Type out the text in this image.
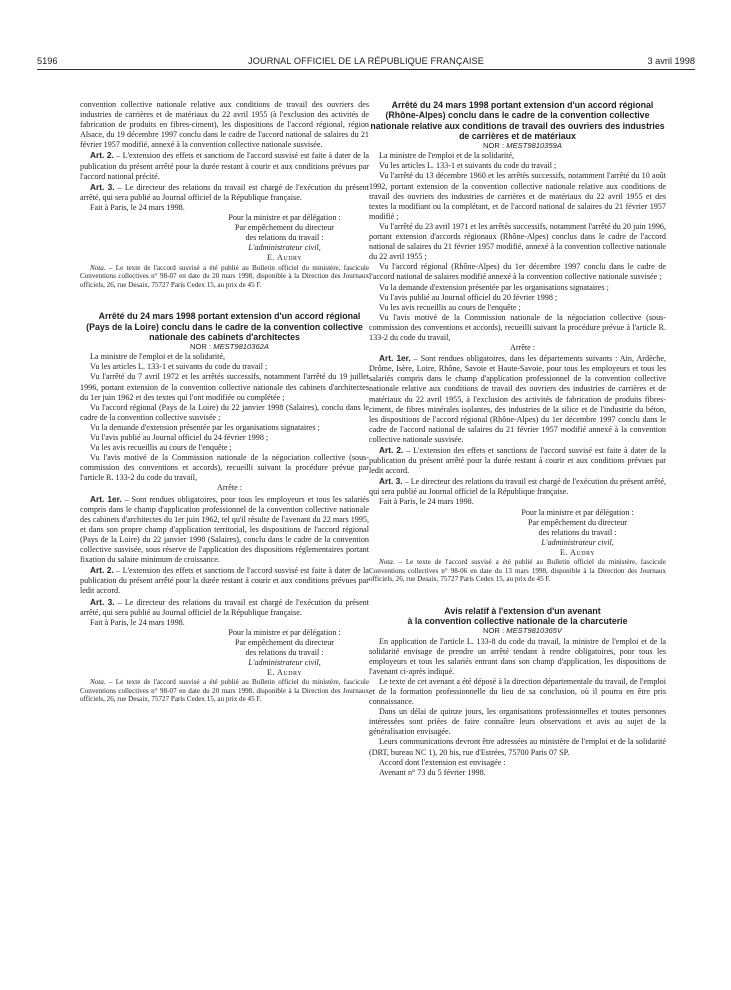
5196	JOURNAL OFFICIEL DE LA RÉPUBLIQUE FRANÇAISE	3 avril 1998

convention collective nationale relative aux conditions de travail des ouvriers des industries de carrières et de matériaux du 22 avril 1955 (à l'exclusion des activités de fabrication de produits en fibres-ciment), les dispositions de l'accord régional, région Alsace, du 19 décembre 1997 conclu dans le cadre de l'accord national de salaires du 21 février 1957 modifié, annexé à la convention collective nationale susvisée.

Art. 2. – L'extension des effets et sanctions de l'accord susvisé est faite à dater de la publication du présent arrêté pour la durée restant à courir et aux conditions prévues par l'accord national précité.

Art. 3. – Le directeur des relations du travail est chargé de l'exécution du présent arrêté, qui sera publié au Journal officiel de la République française.

Fait à Paris, le 24 mars 1998.

Pour la ministre et par délégation :
Par empêchement du directeur
des relations du travail :
L'administrateur civil,
E. Audry

Nota. – Le texte de l'accord susvisé a été publié au Bulletin officiel du ministère, fascicule Conventions collectives n° 98-07 en date du 20 mars 1998, disponible à la Direction des Journaux officiels, 26, rue Desaix, 75727 Paris Cedex 15, au prix de 45 F.

Arrêté du 24 mars 1998 portant extension d'un accord régional (Pays de la Loire) conclu dans le cadre de la convention collective nationale des cabinets d'architectes

NOR : MESТ9810362A

La ministre de l'emploi et de la solidarité,

Vu les articles L. 133-1 et suivants du code du travail ;

Vu l'arrêté du 7 avril 1972 et les arrêtés successifs, notamment l'arrêté du 19 juillet 1996, portant extension de la convention collective nationale des cabinets d'architectes du 1er juin 1962 et des textes qui l'ont modifiée ou complétée ;

Vu l'accord régional (Pays de la Loire) du 22 janvier 1998 (Salaires), conclu dans le cadre de la convention collective susvisée ;

Vu la demande d'extension présentée par les organisations signataires ;

Vu l'avis publié au Journal officiel du 24 février 1998 ;

Vu les avis recueillis au cours de l'enquête ;

Vu l'avis motivé de la Commission nationale de la négociation collective (sous-commission des conventions et accords), recueilli suivant la procédure prévue par l'article R. 133-2 du code du travail,

Arrête :

Art. 1er. – Sont rendues obligatoires, pour tous les employeurs et tous les salariés compris dans le champ d'application professionnel de la convention collective nationale des cabinets d'architectes du 1er juin 1962, tel qu'il résulte de l'avenant du 22 mars 1995, et dans son propre champ d'application territorial, les dispositions de l'accord régional (Pays de la Loire) du 22 janvier 1998 (Salaires), conclu dans le cadre de la convention collective susvisée, sous réserve de l'application des dispositions réglementaires portant fixation du salaire minimum de croissance.

Art. 2. – L'extension des effets et sanctions de l'accord susvisé est faite à dater de la publication du présent arrêté pour la durée restant à courir et aux conditions prévues par ledit accord.

Art. 3. – Le directeur des relations du travail est chargé de l'exécution du présent arrêté, qui sera publié au Journal officiel de la République française.

Fait à Paris, le 24 mars 1998.

Pour la ministre et par délégation :
Par empêchement du directeur
des relations du travail :
L'administrateur civil,
E. Audry

Nota. – Le texte de l'accord susvisé a été publié au Bulletin officiel du ministère, fascicule Conventions collectives n° 98-07 en date du 20 mars 1998, disponible à la Direction des Journaux officiels, 26, rue Desaix, 75727 Paris Cedex 15, au prix de 45 F.

Arrêté du 24 mars 1998 portant extension d'un accord régional (Rhône-Alpes) conclu dans le cadre de la convention collective nationale relative aux conditions de travail des ouvriers des industries de carrières et de matériaux

NOR : MESТ9810359A

La ministre de l'emploi et de la solidarité,

Vu les articles L. 133-1 et suivants du code du travail ;

Vu l'arrêté du 13 décembre 1960 et les arrêtés successifs, notamment l'arrêté du 10 août 1992, portant extension de la convention collective nationale relative aux conditions de travail des ouvriers des industries de carrières et de matériaux du 22 avril 1955 et des textes la modifiant ou la complétant, et de l'accord national de salaires du 21 février 1957 modifié ;

Vu l'arrêté du 23 avril 1971 et les arrêtés successifs, notamment l'arrêté du 20 juin 1996, portant extension d'accords régionaux (Rhône-Alpes) conclus dans le cadre de l'accord national de salaires du 21 février 1957 modifié, annexé à la convention collective nationale du 22 avril 1955 ;

Vu l'accord régional (Rhône-Alpes) du 1er décembre 1997 conclu dans le cadre de l'accord national de salaires modifié annexé à la convention collective nationale susvisée ;

Vu la demande d'extension présentée par les organisations signataires ;

Vu l'avis publié au Journal officiel du 20 février 1998 ;

Vu les avis recueillis au cours de l'enquête ;

Vu l'avis motivé de la Commission nationale de la négociation collective (sous-commission des conventions et accords), recueilli suivant la procédure prévue à l'article R. 133-2 du code du travail,

Arrête :

Art. 1er. – Sont rendues obligatoires, dans les départements suivants : Ain, Ardèche, Drôme, Isère, Loire, Rhône, Savoie et Haute-Savoie, pour tous les employeurs et tous les salariés compris dans le champ d'application professionnel de la convention collective nationale relative aux conditions de travail des ouvriers des industries de carrières et de matériaux du 22 avril 1955, à l'exclusion des activités de fabrication de produits fibres-ciment, de fibres minérales isolantes, des industries de la silice et de l'industrie du béton, les dispositions de l'accord régional (Rhône-Alpes) du 1er décembre 1997 conclu dans le cadre de l'accord national de salaires du 21 février 1957 modifié annexé à la convention collective nationale susvisée.

Art. 2. – L'extension des effets et sanctions de l'accord susvisé est faite à dater de la publication du présent arrêté pour la durée restant à courir et aux conditions prévues par ledit accord.

Art. 3. – Le directeur des relations du travail est chargé de l'exécution du présent arrêté, qui sera publié au Journal officiel de la République française.

Fait à Paris, le 24 mars 1998.

Pour la ministre et par délégation :
Par empêchement du directeur
des relations du travail :
L'administrateur civil,
E. Audry

Nota. – Le texte de l'accord susvisé a été publié au Bulletin officiel du ministère, fascicule Conventions collectives n° 98-06 en date du 13 mars 1998, disponible à la Direction des Journaux officiels, 26, rue Desaix, 75727 Paris Cedex 15, au prix de 45 F.

Avis relatif à l'extension d'un avenant
à la convention collective nationale de la charcuterie

NOR : MESТ9810365V

En application de l'article L. 133-8 du code du travail, la ministre de l'emploi et de la solidarité envisage de prendre un arrêté tendant à rendre obligatoires, pour tous les employeurs et tous les salariés entrant dans son champ d'application, les dispositions de l'avenant ci-après indiqué.

Le texte de cet avenant a été déposé à la direction départementale du travail, de l'emploi et de la formation professionnelle du lieu de sa conclusion, où il pourra en être pris connaissance.

Dans un délai de quinze jours, les organisations professionnelles et toutes personnes intéressées sont priées de faire connaître leurs observations et avis au sujet de la généralisation envisagée.

Leurs communications devront être adressées au ministère de l'emploi et de la solidarité (DRT, bureau NC 1), 20 bis, rue d'Estrées, 75700 Paris 07 SP.

Accord dont l'extension est envisagée :

Avenant n° 73 du 5 février 1998.
